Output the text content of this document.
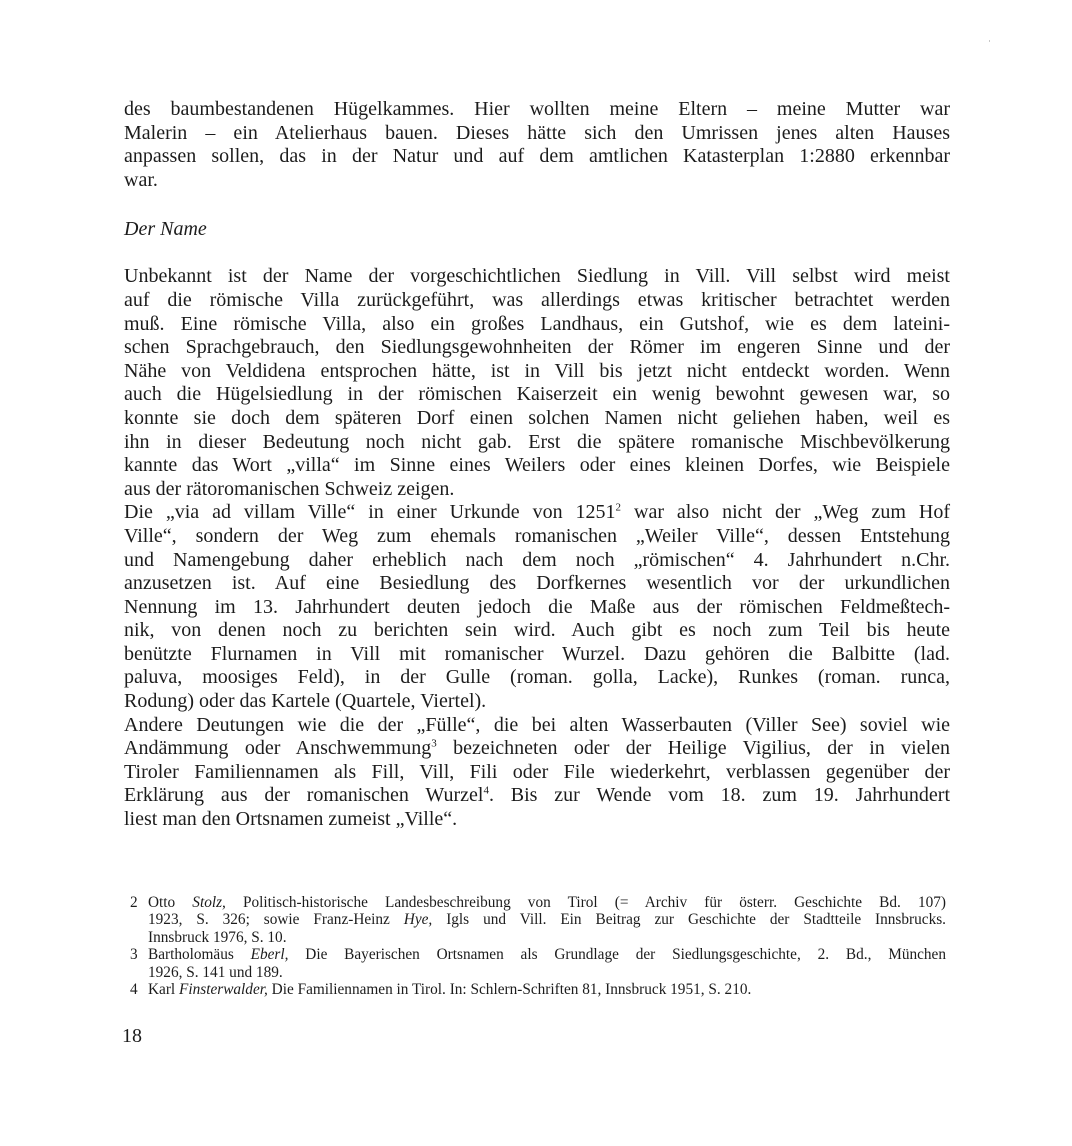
des baumbestandenen Hügelkammes. Hier wollten meine Eltern – meine Mutter war
Malerin – ein Atelierhaus bauen. Dieses hätte sich den Umrissen jenes alten Hauses
anpassen sollen, das in der Natur und auf dem amtlichen Katasterplan 1:2880 erkennbar
war.

Der Name

Unbekannt ist der Name der vorgeschichtlichen Siedlung in Vill. Vill selbst wird meist
auf die römische Villa zurückgeführt, was allerdings etwas kritischer betrachtet werden
muß. Eine römische Villa, also ein großes Landhaus, ein Gutshof, wie es dem lateini-
schen Sprachgebrauch, den Siedlungsgewohnheiten der Römer im engeren Sinne und der
Nähe von Veldidena entsprochen hätte, ist in Vill bis jetzt nicht entdeckt worden. Wenn
auch die Hügelsiedlung in der römischen Kaiserzeit ein wenig bewohnt gewesen war, so
konnte sie doch dem späteren Dorf einen solchen Namen nicht geliehen haben, weil es
ihn in dieser Bedeutung noch nicht gab. Erst die spätere romanische Mischbevölkerung
kannte das Wort „villa“ im Sinne eines Weilers oder eines kleinen Dorfes, wie Beispiele
aus der rätoromanischen Schweiz zeigen.

Die „via ad villam Ville“ in einer Urkunde von 1251$^2$ war also nicht der „Weg zum Hof
Ville“, sondern der Weg zum ehemals romanischen „Weiler Ville“, dessen Entstehung
und Namengebung daher erheblich nach dem noch „römischen“ 4. Jahrhundert n.Chr.
anzusetzen ist. Auf eine Besiedlung des Dorfkernes wesentlich vor der urkundlichen
Nennung im 13. Jahrhundert deuten jedoch die Maße aus der römischen Feldmeßtech-
nik, von denen noch zu berichten sein wird. Auch gibt es noch zum Teil bis heute
benützte Flurnamen in Vill mit romanischer Wurzel. Dazu gehören die Balbitte (lad.
paluva, moosiges Feld), in der Gulle (roman. golla, Lacke), Runkes (roman. runca,
Rodung) oder das Kartele (Quartele, Viertel).

Andere Deutungen wie die der „Fülle“, die bei alten Wasserbauten (Viller See) soviel wie
Andämmung oder Anschwemmung$^3$ bezeichneten oder der Heilige Vigilius, der in vielen
Tiroler Familiennamen als Fill, Vill, Fili oder File wiederkehrt, verblassen gegenüber der
Erklärung aus der romanischen Wurzel$^4$. Bis zur Wende vom 18. zum 19. Jahrhundert
liest man den Ortsnamen zumeist „Ville“.

2 Otto Stolz, Politisch-historische Landesbeschreibung von Tirol (= Archiv für österr. Geschichte Bd. 107)
1923, S. 326; sowie Franz-Heinz Hye, Igls und Vill. Ein Beitrag zur Geschichte der Stadtteile Innsbrucks.
Innsbruck 1976, S. 10.
3 Bartholomäus Eberl, Die Bayerischen Ortsnamen als Grundlage der Siedlungsgeschichte, 2. Bd., München
1926, S. 141 und 189.
4 Karl Finsterwalder, Die Familiennamen in Tirol. In: Schlern-Schriften 81, Innsbruck 1951, S. 210.
18
